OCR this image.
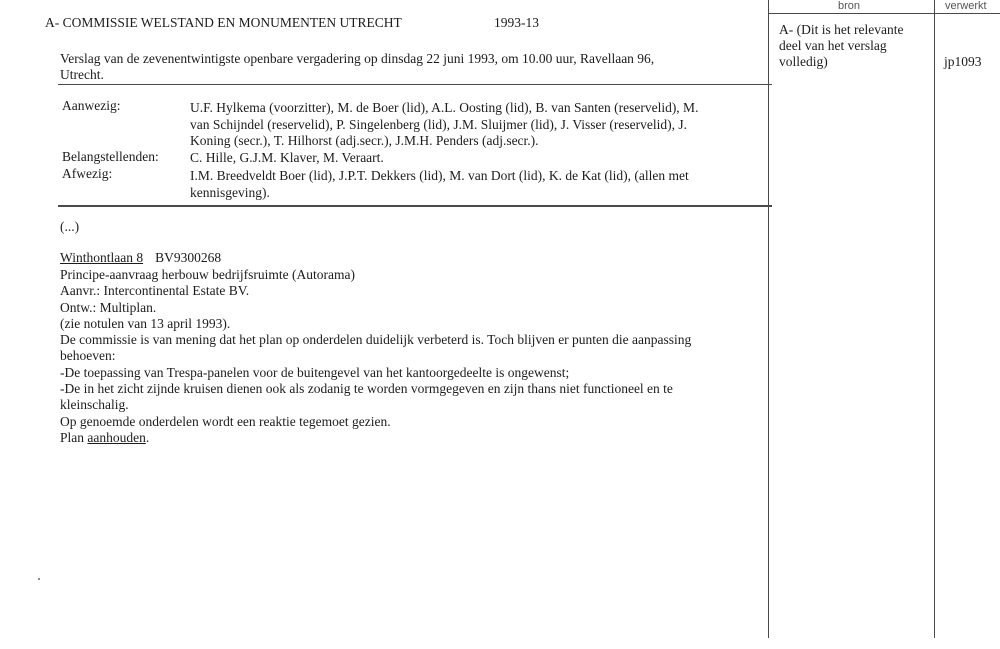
bron	verwerkt
A- (Dit is het relevante
deel van het verslag
volledig)	jp1093
A- COMMISSIE WELSTAND EN MONUMENTEN UTRECHT	1993-13
Verslag van de zevenentwintigste openbare vergadering op dinsdag 22 juni 1993, om 10.00 uur, Ravellaan 96,
Utrecht.
Aanwezig:	U.F. Hylkema (voorzitter), M. de Boer (lid), A.L. Oosting (lid), B. van Santen (reservelid), M.
van Schijndel (reservelid), P. Singelenberg (lid), J.M. Sluijmer (lid), J. Visser (reservelid), J.
Koning (secr.), T. Hilhorst (adj.secr.), J.M.H. Penders (adj.secr.).
Belangstellenden: C. Hille, G.J.M. Klaver, M. Veraart.
Afwezig:	I.M. Breedveldt Boer (lid), J.P.T. Dekkers (lid), M. van Dort (lid), K. de Kat (lid), (allen met
kennisgeving).
(...)
Winthontlaan 8 BV9300268
Principe-aanvraag herbouw bedrijfsruimte (Autorama)
Aanvr.: Intercontinental Estate BV.
Ontw.: Multiplan.
(zie notulen van 13 april 1993).
De commissie is van mening dat het plan op onderdelen duidelijk verbeterd is. Toch blijven er punten die aanpassing
behoeven:
-De toepassing van Trespa-panelen voor de buitengevel van het kantoorgedeelte is ongewenst;
-De in het zicht zijnde kruisen dienen ook als zodanig te worden vormgegeven en zijn thans niet functioneel en te
kleinschalig.
Op genoemde onderdelen wordt een reaktie tegemoet gezien.
Plan aanhouden.
